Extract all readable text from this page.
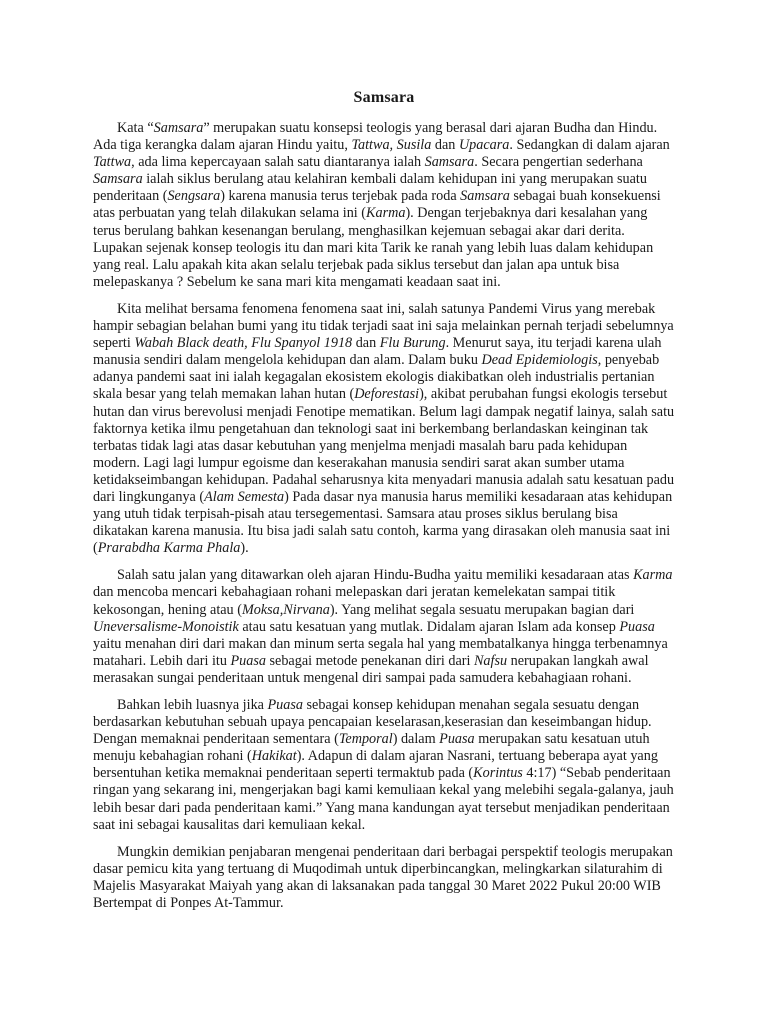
Samsara

Kata “Samsara” merupakan suatu konsepsi teologis yang berasal dari ajaran Budha dan Hindu. Ada tiga kerangka dalam ajaran Hindu yaitu, Tattwa, Susila dan Upacara. Sedangkan di dalam ajaran Tattwa, ada lima kepercayaan salah satu diantaranya ialah Samsara. Secara pengertian sederhana Samsara ialah siklus berulang atau kelahiran kembali dalam kehidupan ini yang merupakan suatu penderitaan (Sengsara) karena manusia terus terjebak pada roda Samsara sebagai buah konsekuensi atas perbuatan yang telah dilakukan selama ini (Karma). Dengan terjebaknya dari kesalahan yang terus berulang bahkan kesenangan berulang, menghasilkan kejemuan sebagai akar dari derita. Lupakan sejenak konsep teologis itu dan mari kita Tarik ke ranah yang lebih luas dalam kehidupan yang real. Lalu apakah kita akan selalu terjebak pada siklus tersebut dan jalan apa untuk bisa melepaskanya ? Sebelum ke sana mari kita mengamati keadaan saat ini.

Kita melihat bersama fenomena fenomena saat ini, salah satunya Pandemi Virus yang merebak hampir sebagian belahan bumi yang itu tidak terjadi saat ini saja melainkan pernah terjadi sebelumnya seperti Wabah Black death, Flu Spanyol 1918 dan Flu Burung. Menurut saya, itu terjadi karena ulah manusia sendiri dalam mengelola kehidupan dan alam. Dalam buku Dead Epidemiologis, penyebab adanya pandemi saat ini ialah kegagalan ekosistem ekologis diakibatkan oleh industrialis pertanian skala besar yang telah memakan lahan hutan (Deforestasi), akibat perubahan fungsi ekologis tersebut hutan dan virus berevolusi menjadi Fenotipe mematikan. Belum lagi dampak negatif lainya, salah satu faktornya ketika ilmu pengetahuan dan teknologi saat ini berkembang berlandaskan keinginan tak terbatas tidak lagi atas dasar kebutuhan yang menjelma menjadi masalah baru pada kehidupan modern. Lagi lagi lumpur egoisme dan keserakahan manusia sendiri sarat akan sumber utama ketidakseimbangan kehidupan. Padahal seharusnya kita menyadari manusia adalah satu kesatuan padu dari lingkunganya (Alam Semesta) Pada dasar nya manusia harus memiliki kesadaraan atas kehidupan yang utuh tidak terpisah-pisah atau tersegementasi. Samsara atau proses siklus berulang bisa dikatakan karena manusia. Itu bisa jadi salah satu contoh, karma yang dirasakan oleh manusia saat ini (Prarabdha Karma Phala).

Salah satu jalan yang ditawarkan oleh ajaran Hindu-Budha yaitu memiliki kesadaraan atas Karma dan mencoba mencari kebahagiaan rohani melepaskan dari jeratan kemelekatan sampai titik kekosongan, hening atau (Moksa,Nirvana). Yang melihat segala sesuatu merupakan bagian dari Uneversalisme-Monoistik atau satu kesatuan yang mutlak. Didalam ajaran Islam ada konsep Puasa yaitu menahan diri dari makan dan minum serta segala hal yang membatalkanya hingga terbenamnya matahari. Lebih dari itu Puasa sebagai metode penekanan diri dari Nafsu nerupakan langkah awal merasakan sungai penderitaan untuk mengenal diri sampai pada samudera kebahagiaan rohani.

Bahkan lebih luasnya jika Puasa sebagai konsep kehidupan menahan segala sesuatu dengan berdasarkan kebutuhan sebuah upaya pencapaian keselarasan,keserasian dan keseimbangan hidup. Dengan memaknai penderitaan sementara (Temporal) dalam Puasa merupakan satu kesatuan utuh menuju kebahagian rohani (Hakikat). Adapun di dalam ajaran Nasrani, tertuang beberapa ayat yang bersentuhan ketika memaknai penderitaan seperti termaktub pada (Korintus 4:17) “Sebab penderitaan ringan yang sekarang ini, mengerjakan bagi kami kemuliaan kekal yang melebihi segala-galanya, jauh lebih besar dari pada penderitaan kami.” Yang mana kandungan ayat tersebut menjadikan penderitaan saat ini sebagai kausalitas dari kemuliaan kekal.

Mungkin demikian penjabaran mengenai penderitaan dari berbagai perspektif teologis merupakan dasar pemicu kita yang tertuang di Muqodimah untuk diperbincangkan, melingkarkan silaturahim di Majelis Masyarakat Maiyah yang akan di laksanakan pada tanggal 30 Maret 2022 Pukul 20:00 WIB Bertempat di Ponpes At-Tammur.
